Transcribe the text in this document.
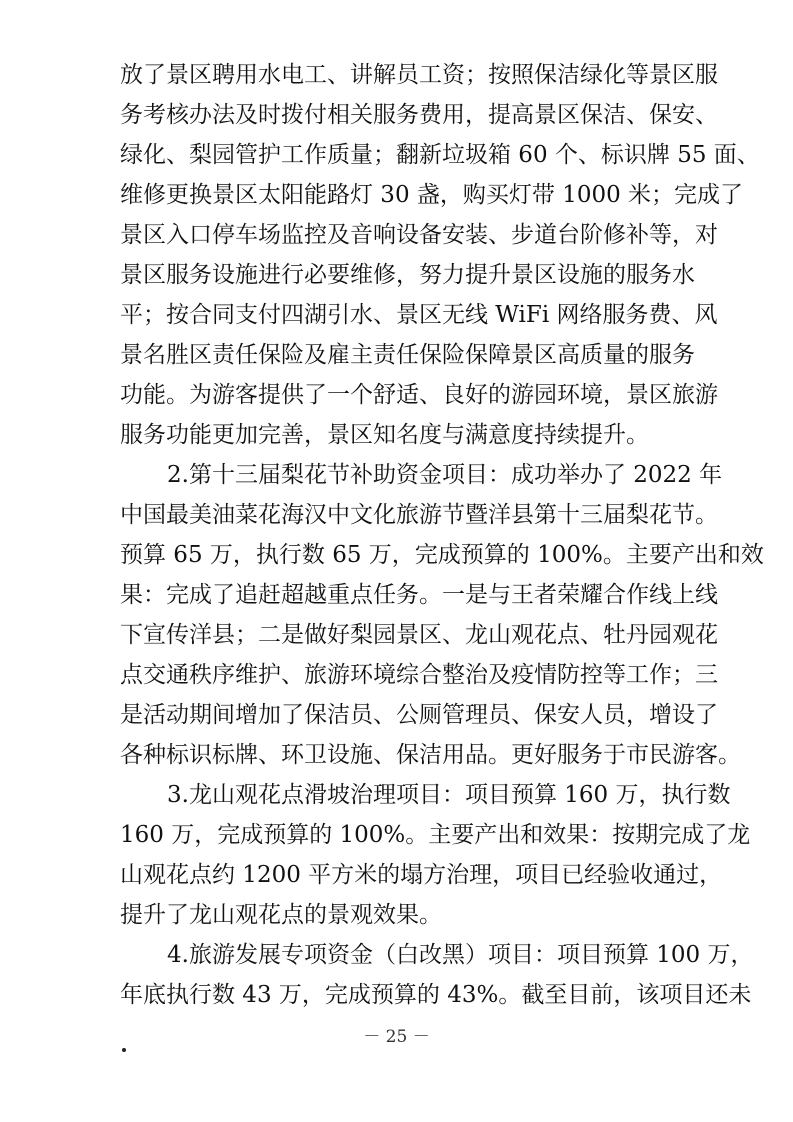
放了景区聘用水电工、讲解员工资；按照保洁绿化等景区服
务考核办法及时拨付相关服务费用，提高景区保洁、保安、
绿化、梨园管护工作质量；翻新垃圾箱 60 个、标识牌 55 面、
维修更换景区太阳能路灯 30 盏，购买灯带 1000 米；完成了
景区入口停车场监控及音响设备安装、步道台阶修补等，对
景区服务设施进行必要维修，努力提升景区设施的服务水
平；按合同支付四湖引水、景区无线 WiFi 网络服务费、风
景名胜区责任保险及雇主责任保险保障景区高质量的服务
功能。为游客提供了一个舒适、良好的游园环境，景区旅游
服务功能更加完善，景区知名度与满意度持续提升。
2.第十三届梨花节补助资金项目：成功举办了 2022 年
中国最美油菜花海汉中文化旅游节暨洋县第十三届梨花节。
预算 65 万，执行数 65 万，完成预算的 100%。主要产出和效
果：完成了追赶超越重点任务。一是与王者荣耀合作线上线
下宣传洋县；二是做好梨园景区、龙山观花点、牡丹园观花
点交通秩序维护、旅游环境综合整治及疫情防控等工作；三
是活动期间增加了保洁员、公厕管理员、保安人员，增设了
各种标识标牌、环卫设施、保洁用品。更好服务于市民游客。
3.龙山观花点滑坡治理项目：项目预算 160 万，执行数
160 万，完成预算的 100%。主要产出和效果：按期完成了龙
山观花点约 1200 平方米的塌方治理，项目已经验收通过，
提升了龙山观花点的景观效果。
4.旅游发展专项资金（白改黑）项目：项目预算 100 万，
年底执行数 43 万，完成预算的 43%。截至目前，该项目还未
－ 25 －
